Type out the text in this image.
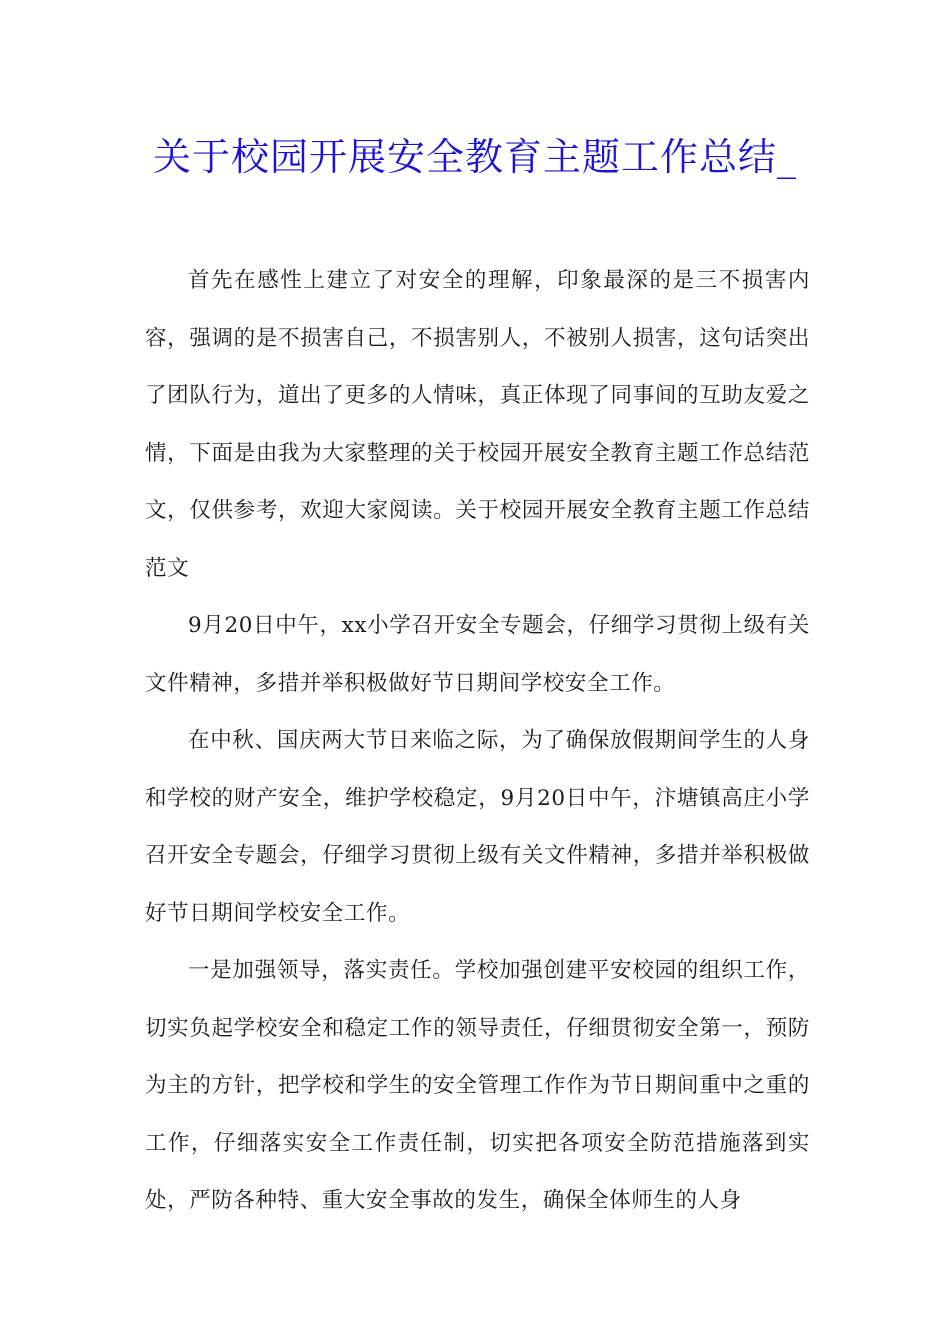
关于校园开展安全教育主题工作总结_

首先在感性上建立了对安全的理解，印象最深的是三不损害内容，强调的是不损害自己，不损害别人，不被别人损害，这句话突出了团队行为，道出了更多的人情味，真正体现了同事间的互助友爱之情，下面是由我为大家整理的关于校园开展安全教育主题工作总结范文，仅供参考，欢迎大家阅读。关于校园开展安全教育主题工作总结范文

9月20日中午，xx小学召开安全专题会，仔细学习贯彻上级有关文件精神，多措并举积极做好节日期间学校安全工作。

在中秋、国庆两大节日来临之际，为了确保放假期间学生的人身和学校的财产安全，维护学校稳定，9月20日中午，汴塘镇高庄小学召开安全专题会，仔细学习贯彻上级有关文件精神，多措并举积极做好节日期间学校安全工作。

一是加强领导，落实责任。学校加强创建平安校园的组织工作，切实负起学校安全和稳定工作的领导责任，仔细贯彻安全第一，预防为主的方针，把学校和学生的安全管理工作作为节日期间重中之重的工作，仔细落实安全工作责任制，切实把各项安全防范措施落到实处，严防各种特、重大安全事故的发生，确保全体师生的人身
